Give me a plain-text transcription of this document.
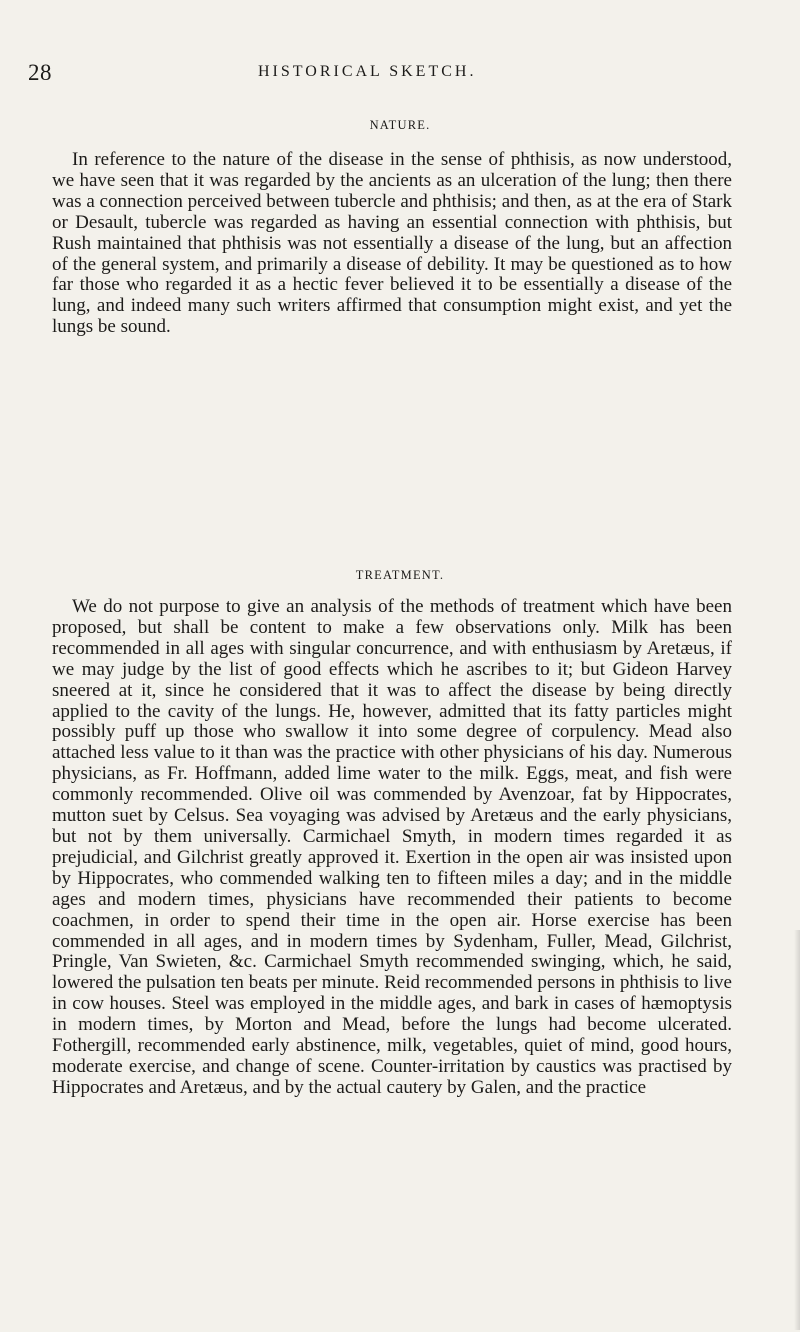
28	HISTORICAL SKETCH.
NATURE.

In reference to the nature of the disease in the sense of phthisis, as now understood, we have seen that it was regarded by the ancients as an ulceration of the lung; then there was a connection perceived between tubercle and phthisis; and then, as at the era of Stark or Desault, tubercle was regarded as having an essential connection with phthisis, but Rush maintained that phthisis was not essentially a disease of the lung, but an affection of the general system, and primarily a disease of debility. It may be questioned as to how far those who regarded it as a hectic fever believed it to be essentially a disease of the lung, and indeed many such writers affirmed that consumption might exist, and yet the lungs be sound.

TREATMENT.

We do not purpose to give an analysis of the methods of treatment which have been proposed, but shall be content to make a few observations only. Milk has been recommended in all ages with singular concurrence, and with enthusiasm by Aretæus, if we may judge by the list of good effects which he ascribes to it; but Gideon Harvey sneered at it, since he considered that it was to affect the disease by being directly applied to the cavity of the lungs. He, however, admitted that its fatty particles might possibly puff up those who swallow it into some degree of corpulency. Mead also attached less value to it than was the practice with other physicians of his day. Numerous physicians, as Fr. Hoffmann, added lime water to the milk. Eggs, meat, and fish were commonly recommended. Olive oil was commended by Avenzoar, fat by Hippocrates, mutton suet by Celsus. Sea voyaging was advised by Aretæus and the early physicians, but not by them universally. Carmichael Smyth, in modern times regarded it as prejudicial, and Gilchrist greatly approved it. Exertion in the open air was insisted upon by Hippocrates, who commended walking ten to fifteen miles a day; and in the middle ages and modern times, physicians have recommended their patients to become coachmen, in order to spend their time in the open air. Horse exercise has been commended in all ages, and in modern times by Sydenham, Fuller, Mead, Gilchrist, Pringle, Van Swieten, &c. Carmichael Smyth recommended swinging, which, he said, lowered the pulsation ten beats per minute. Reid recommended persons in phthisis to live in cow houses. Steel was employed in the middle ages, and bark in cases of hæmoptysis in modern times, by Morton and Mead, before the lungs had become ulcerated. Fothergill, recommended early abstinence, milk, vegetables, quiet of mind, good hours, moderate exercise, and change of scene. Counter-irritation by caustics was practised by Hippocrates and Aretæus, and by the actual cautery by Galen, and the practice
